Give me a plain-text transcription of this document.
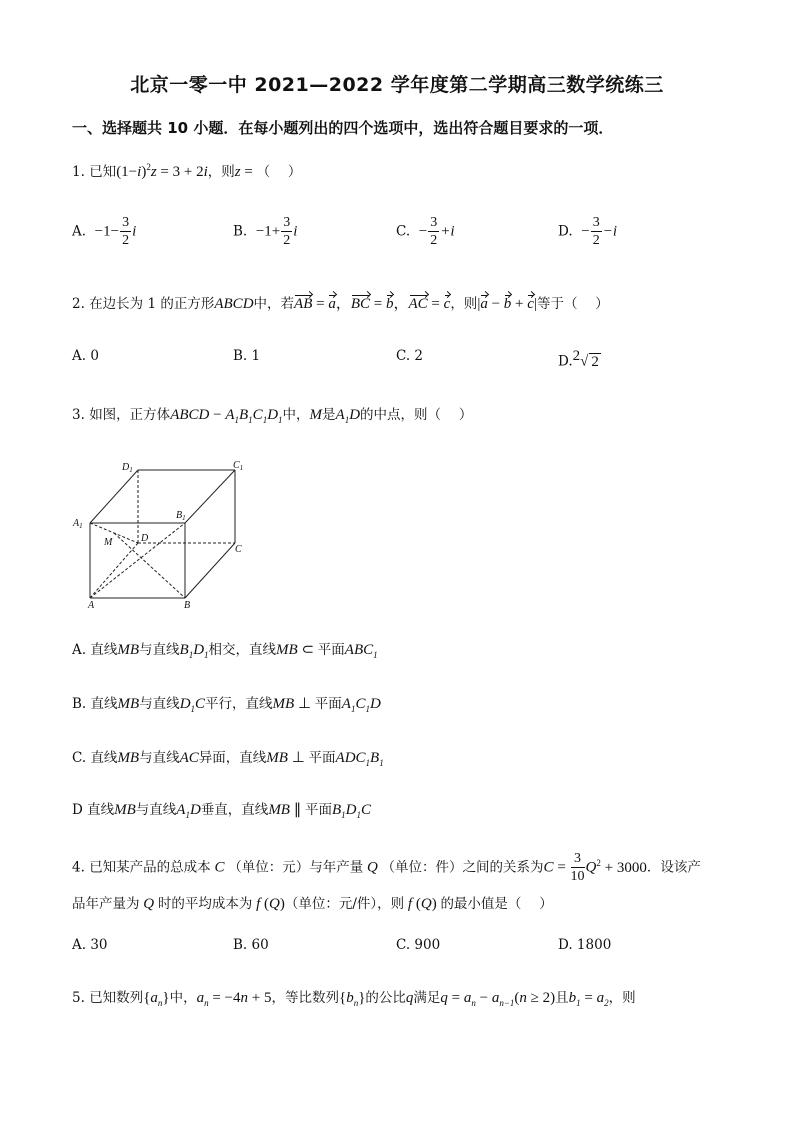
北京一零一中 2021—2022 学年度第二学期高三数学统练三
一、选择题共 10 小题．在每小题列出的四个选项中，选出符合题目要求的一项．
1. 已知$(1-i)^2z = 3 + 2i$，则z = （　 ）
A. $-1- \frac{3}{2}$ i	B. $-1+ \frac{3}{2}$ i	C. − $\frac{3}{2} +i$	D. − $\frac{3}{2} -i$
2. 在边长为 1 的正方形ABCD中，若AB = a，BC = b，AC = c，则|a − b + c|等于（　 ）
A. 0	B. 1	C. 2	D.$^2$√ 2
3. 如图，正方体ABCD − $A_1B_1C_1D_1$中，M是$A_1D$的中点，则（　 ）
$D_1$	$C_1$
$A_1$
$B_1$
M	D
C
A	B
A. 直线MB与直线$B_1D_1$相交，直线MB ⊂ 平面$ABC_1$
B. 直线MB与直线$D_1C$平行，直线MB ⊥ 平面$A_1C_1D$
C. 直线MB与直线AC异面，直线MB ⊥ 平面$ADC_1B_1$
D 直线MB与直线$A_1D$垂直，直线MB ∥ 平面$B_1D_1C$
4. 已知某产品的总成本 C （单位：元）与年产量 Q （单位：件）之间的关系为$C = \frac{3}{10} Q^2 + 3000$．设该产
品年产量为 Q 时的平均成本为 f (Q)（单位：元/件），则 f (Q) 的最小值是（　 ）
A. 30	B. 60	C. 900	D. 1800
5. 已知数列$\{a_n\}$中，$a_n = -4n + 5$，等比数列$\{b_n\}$的公比q满足$q = a_n - a_{n-1}(n \ge 2)$且$b_1 = a_2$，则
